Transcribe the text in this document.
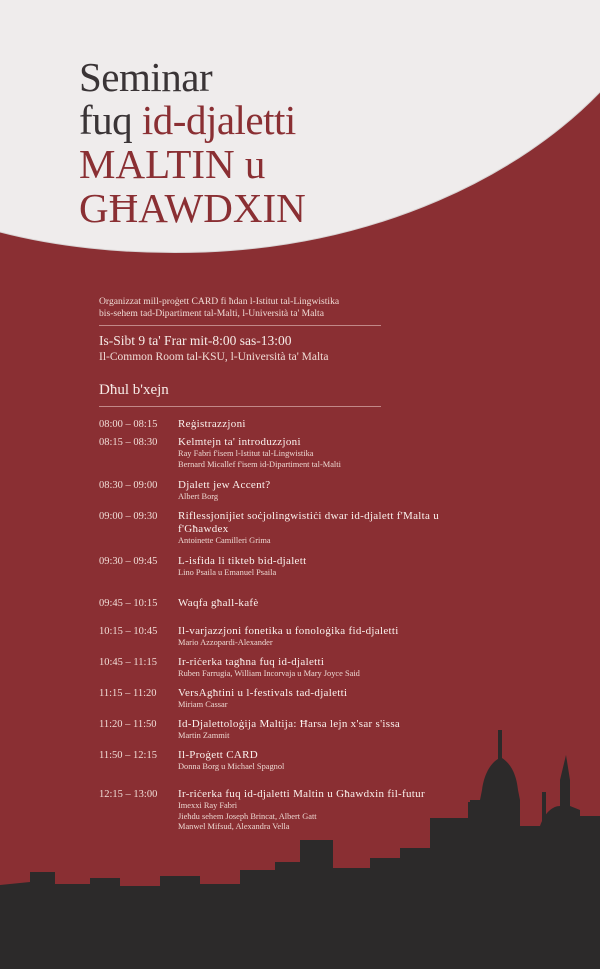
Seminar
fuq id-djaletti
MALTIN u
GĦAWDXIN
Organizzat mill-proġett CARD fi ħdan l-Istitut tal-Lingwistika
bis-sehem tad-Dipartiment tal-Malti, l-Università ta' Malta
Is-Sibt 9 ta' Frar mit-8:00 sas-13:00
Il-Common Room tal-KSU, l-Università ta' Malta
Dħul b'xejn
08:00 – 08:15	Reġistrazzjoni
08:15 – 08:30	Kelmtejn ta' introduzzjoni
Ray Fabri f'isem l-Istitut tal-Lingwistika
Bernard Micallef f'isem id-Dipartiment tal-Malti
08:30 – 09:00	Djalett jew Accent?
Albert Borg
09:00 – 09:30	Riflessjonijiet soċjolingwistiċi dwar id-djalett f'Malta u f'Għawdex
Antoinette Camilleri Grima
09:30 – 09:45	L-isfida li tikteb bid-djalett
Lino Psaila u Emanuel Psaila
09:45 – 10:15	Waqfa għall-kafè
10:15 – 10:45	Il-varjazzjoni fonetika u fonoloġika fid-djaletti
Mario Azzopardi-Alexander
10:45 – 11:15	Ir-riċerka tagħna fuq id-djaletti
Ruben Farrugia, William Incorvaja u Mary Joyce Said
11:15 – 11:20	VersAgħtini u l-festivals tad-djaletti
Miriam Cassar
11:20 – 11:50	Id-Djalettoloġija Maltija: Ħarsa lejn x'sar s'issa
Martin Zammit
11:50 – 12:15	Il-Proġett CARD
Donna Borg u Michael Spagnol
12:15 – 13:00	Ir-riċerka fuq id-djaletti Maltin u Għawdxin fil-futur
Imexxi Ray Fabri
Jieħdu sehem Joseph Brincat, Albert Gatt
Manwel Mifsud, Alexandra Vella
